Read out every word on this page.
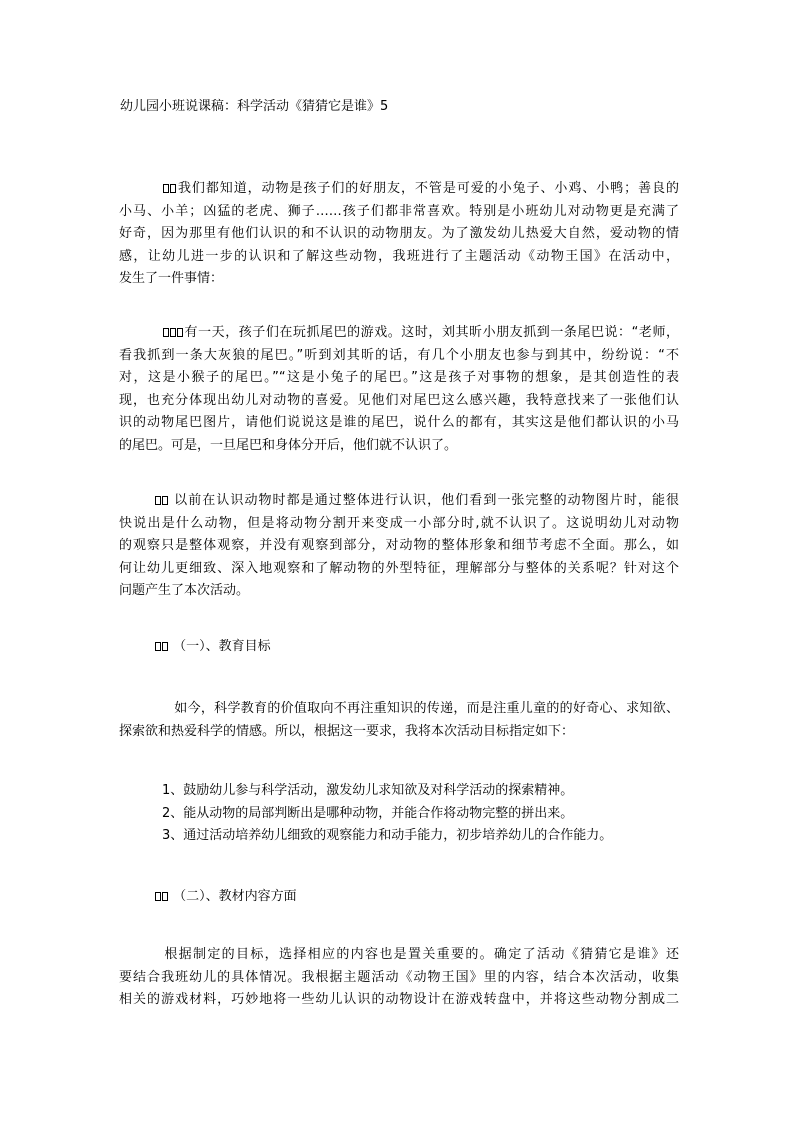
幼儿园小班说课稿：科学活动《猜猜它是谁》5
我们都知道，动物是孩子们的好朋友，不管是可爱的小兔子、小鸡、小鸭；善良的
小马、小羊；凶猛的老虎、狮子……孩子们都非常喜欢。特别是小班幼儿对动物更是充满了
好奇，因为那里有他们认识的和不认识的动物朋友。为了激发幼儿热爱大自然，爱动物的情
感，让幼儿进一步的认识和了解这些动物，我班进行了主题活动《动物王国》在活动中，
发生了一件事情：
有一天，孩子们在玩抓尾巴的游戏。这时，刘其昕小朋友抓到一条尾巴说：“老师，
看我抓到一条大灰狼的尾巴。”听到刘其昕的话，有几个小朋友也参与到其中，纷纷说：“不
对，这是小猴子的尾巴。”“这是小兔子的尾巴。”这是孩子对事物的想象，是其创造性的表
现，也充分体现出幼儿对动物的喜爱。见他们对尾巴这么感兴趣，我特意找来了一张他们认
识的动物尾巴图片，请他们说说这是谁的尾巴，说什么的都有，其实这是他们都认识的小马
的尾巴。可是，一旦尾巴和身体分开后，他们就不认识了。
以前在认识动物时都是通过整体进行认识，他们看到一张完整的动物图片时，能很
快说出是什么动物，但是将动物分割开来变成一小部分时,就不认识了。这说明幼儿对动物
的观察只是整体观察，并没有观察到部分，对动物的整体形象和细节考虑不全面。那么，如
何让幼儿更细致、深入地观察和了解动物的外型特征，理解部分与整体的关系呢？针对这个
问题产生了本次活动。
（一）、教育目标
如今，科学教育的价值取向不再注重知识的传递，而是注重儿童的的好奇心、求知欲、
探索欲和热爱科学的情感。所以，根据这一要求，我将本次活动目标指定如下：
1、鼓励幼儿参与科学活动，激发幼儿求知欲及对科学活动的探索精神。
2、能从动物的局部判断出是哪种动物，并能合作将动物完整的拼出来。
3、通过活动培养幼儿细致的观察能力和动手能力，初步培养幼儿的合作能力。
（二）、教材内容方面
根据制定的目标，选择相应的内容也是置关重要的。确定了活动《猜猜它是谁》还
要结合我班幼儿的具体情况。我根据主题活动《动物王国》里的内容，结合本次活动，收集
相关的游戏材料，巧妙地将一些幼儿认识的动物设计在游戏转盘中，并将这些动物分割成二
